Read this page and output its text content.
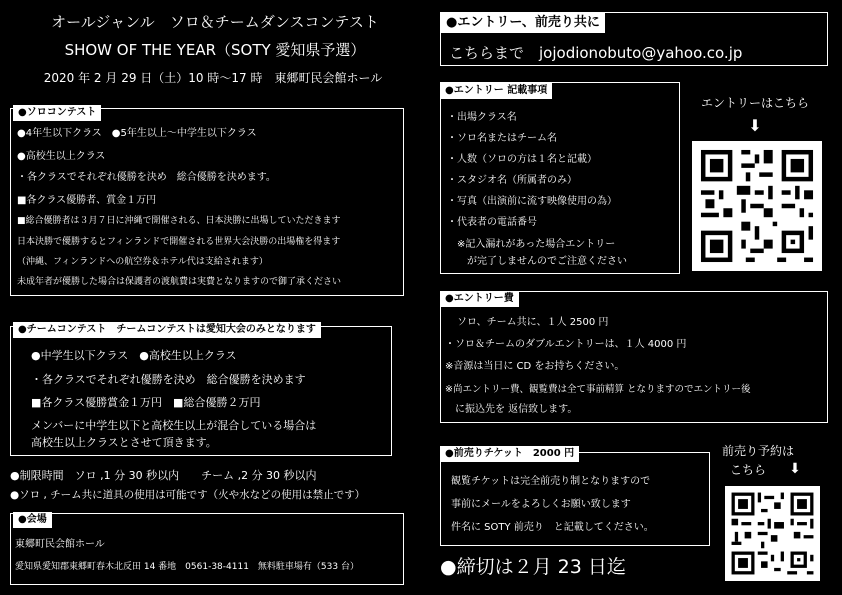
オールジャンル　ソロ＆チームダンスコンテスト
SHOW OF THE YEAR（SOTY 愛知県予選）
2020 年 2 月 29 日（土）10 時〜17 時　東郷町民会館ホール
●ソロコンテスト
●4年生以下クラス　●5年生以上〜中学生以下クラス
●高校生以上クラス
・各クラスでそれぞれ優勝を決め　総合優勝を決めます。
■各クラス優勝者、賞金１万円
■総合優勝者は３月７日に沖縄で開催される、日本決勝に出場していただきます
日本決勝で優勝するとフィンランドで開催される世界大会決勝の出場権を得ます
（沖縄、フィンランドへの航空券＆ホテル代は支給されます）
未成年者が優勝した場合は保護者の渡航費は実費となりますので御了承ください
●チームコンテスト　チームコンテストは愛知大会のみとなります
●中学生以下クラス　●高校生以上クラス
・各クラスでそれぞれ優勝を決め　総合優勝を決めます
■各クラス優勝賞金１万円　■総合優勝２万円
メンバーに中学生以下と高校生以上が混合している場合は
高校生以上クラスとさせて頂きます。
●制限時間　ソロ ,1 分 30 秒以内　　チーム ,2 分 30 秒以内
●ソロ , チーム共に道具の使用は可能です（火や水などの使用は禁止です）
●会場
東郷町民会館ホール
愛知県愛知郡東郷町春木北反田 14 番地　0561-38-4111　無料駐車場有（533 台）
●エントリー、前売り共に
こちらまで　jojodionobuto@yahoo.co.jp
●エントリー 記載事項
・出場クラス名
・ソロ名またはチーム名
・人数（ソロの方は１名と記載）
・スタジオ名（所属者のみ）
・写真（出演前に流す映像使用の為）
・代表者の電話番号
　※記入漏れがあった場合エントリー
　　が完了しませんのでご注意ください
エントリーはこちら
⬇
●エントリー費
ソロ、チーム共に、１人 2500 円
・ソロ＆チームのダブルエントリーは、１人 4000 円
※音源は当日に CD をお持ちください。
※尚エントリー費、観覧費は全て事前精算 となりますのでエントリー後
　に振込先を 返信致します。
●前売りチケット　2000 円
観覧チケットは完全前売り制となりますので
事前にメールをよろしくお願い致します
件名に SOTY 前売り　と記載してください。
前売り予約は
こちら ⬇
●締切は２月 23 日迄
